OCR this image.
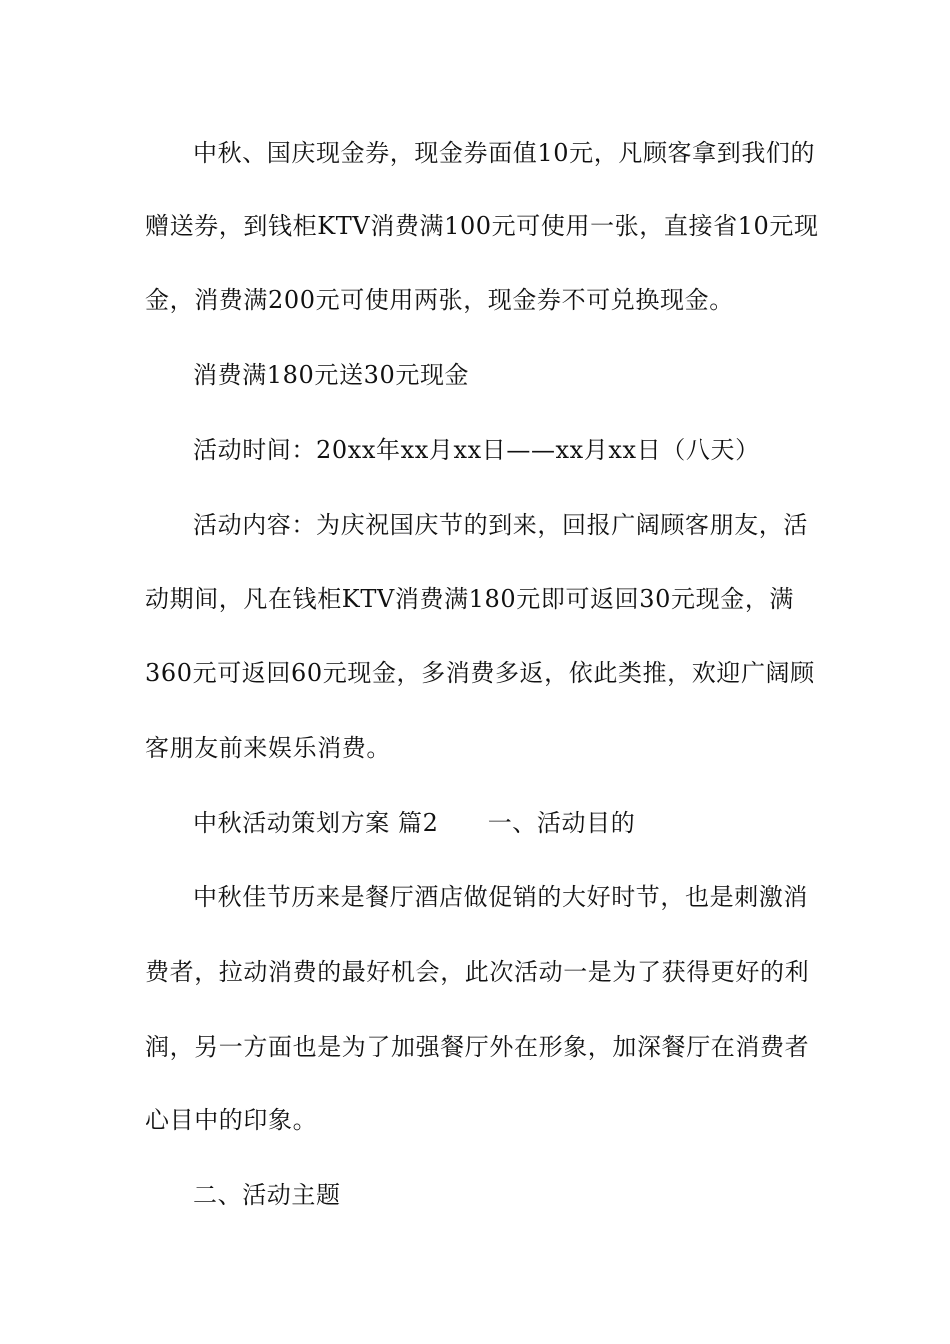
中秋、国庆现金券，现金券面值10元，凡顾客拿到我们的
赠送券，到钱柜KTV消费满100元可使用一张，直接省10元现
金，消费满200元可使用两张，现金券不可兑换现金。
消费满180元送30元现金
活动时间：20xx年xx月xx日——xx月xx日（八天）
活动内容：为庆祝国庆节的到来，回报广阔顾客朋友，活
动期间，凡在钱柜KTV消费满180元即可返回30元现金，满
360元可返回60元现金，多消费多返，依此类推，欢迎广阔顾
客朋友前来娱乐消费。
中秋活动策划方案 篇2　　一、活动目的
中秋佳节历来是餐厅酒店做促销的大好时节，也是刺激消
费者，拉动消费的最好机会，此次活动一是为了获得更好的利
润，另一方面也是为了加强餐厅外在形象，加深餐厅在消费者
心目中的印象。
二、活动主题
